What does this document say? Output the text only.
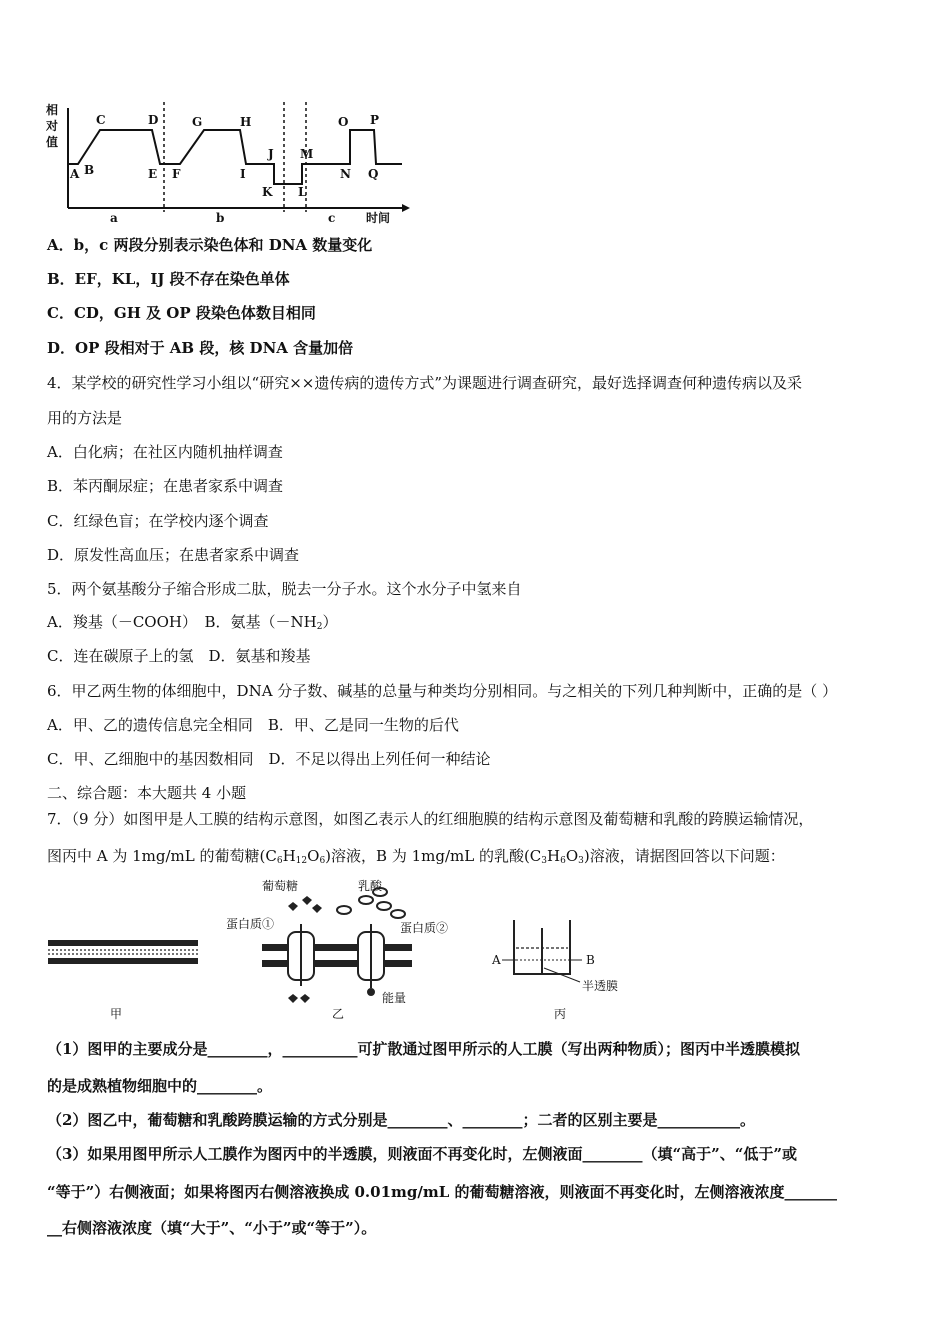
相
对
值
A B
C	D
E F
G	H
I
J
K L
M
N
O P
Q
a	b	c	时间
A．b，c 两段分别表示染色体和 DNA 数量变化
B．EF，KL，IJ 段不存在染色单体
C．CD，GH 及 OP 段染色体数目相同
D．OP 段相对于 AB 段，核 DNA 含量加倍
4．某学校的研究性学习小组以“研究××遗传病的遗传方式”为课题进行调查研究，最好选择调查何种遗传病以及采
用的方法是
A．白化病；在社区内随机抽样调查
B．苯丙酮尿症；在患者家系中调查
C．红绿色盲；在学校内逐个调查
D．原发性高血压；在患者家系中调查
5．两个氨基酸分子缩合形成二肽，脱去一分子水。这个水分子中氢来自
A．羧基（－COOH）　B．氨基$(-NH_2)$
C．连在碳原子上的氢　D．氨基和羧基
6．甲乙两生物的体细胞中，DNA 分子数、碱基的总量与种类均分别相同。与之相关的下列几种判断中，正确的是（ ）
A．甲、乙的遗传信息完全相同　B．甲、乙是同一生物的后代
C．甲、乙细胞中的基因数相同　D．不足以得出上列任何一种结论
二、综合题：本大题共 4 小题
7．（9 分）如图甲是人工膜的结构示意图，如图乙表示人的红细胞膜的结构示意图及葡萄糖和乳酸的跨膜运输情况，
图丙中 A 为 1mg/mL 的葡萄糖$(C_6H_{12}O_6)$溶液，B 为 1mg/mL 的乳酸$(C_3H_6O_3)$溶液，请据图回答以下问题：
甲	乙	丙
葡萄糖	乳酸
蛋白质①	蛋白质②
能量
A	B
半透膜
（1）图甲的主要成分是________，__________可扩散通过图甲所示的人工膜（写出两种物质）；图丙中半透膜模拟
的是成熟植物细胞中的________。
（2）图乙中，葡萄糖和乳酸跨膜运输的方式分别是________、________；二者的区别主要是___________。
（3）如果用图甲所示人工膜作为图丙中的半透膜，则液面不再变化时，左侧液面________（填“高于”、“低于”或
“等于”）右侧液面；如果将图丙右侧溶液换成 0.01mg/mL 的葡萄糖溶液，则液面不再变化时，左侧溶液浓度_______
__右侧溶液浓度（填“大于”、“小于”或“等于”）。
